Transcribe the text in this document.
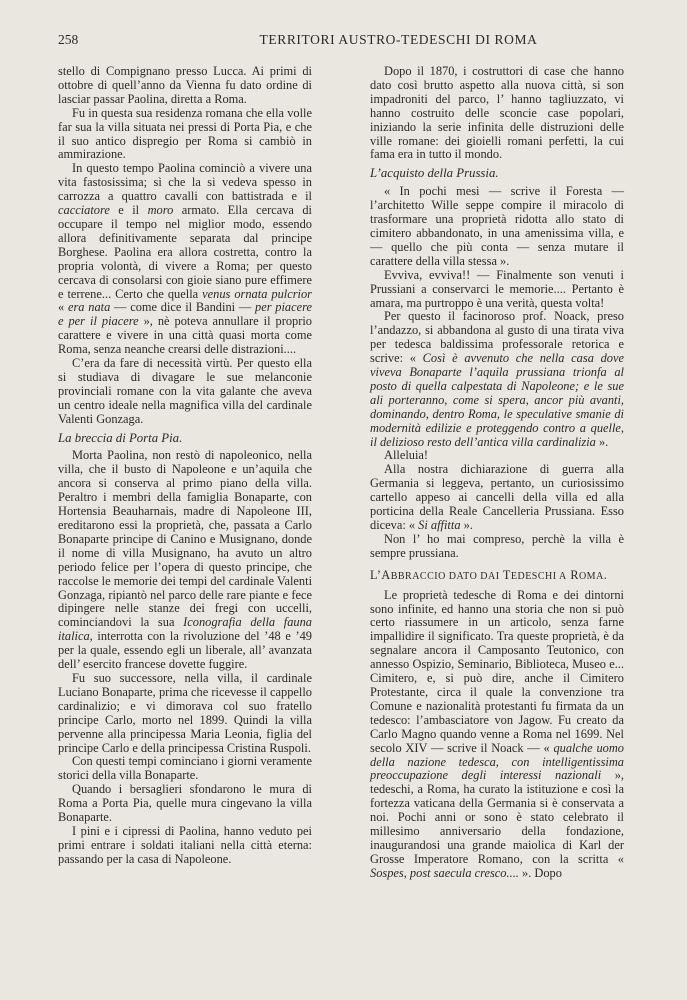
258	TERRITORI AUSTRO-TEDESCHI DI ROMA

stello di Compignano presso Lucca. Ai primi di ottobre di quell’anno da Vienna fu dato ordine di lasciar passar Paolina, diretta a Roma.

Fu in questa sua residenza romana che ella volle far sua la villa situata nei pressi di Porta Pia, e che il suo antico dispregio per Roma si cambiò in ammirazione.

In questo tempo Paolina cominciò a vivere una vita fastosissima; sì che la si vedeva spesso in carrozza a quattro cavalli con battistrada e il cacciatore e il moro armato. Ella cercava di occupare il tempo nel miglior modo, essendo allora definitivamente separata dal principe Borghese. Paolina era allora costretta, contro la propria volontà, di vivere a Roma; per questo cercava di consolarsi con gioie siano pure effimere e terrene... Certo che quella venus ornata pulcrior « era nata — come dice il Bandini — per piacere e per il piacere », nè poteva annullare il proprio carattere e vivere in una città quasi morta come Roma, senza neanche crearsi delle distrazioni....

C’era da fare di necessità virtù. Per questo ella si studiava di divagare le sue melanconie provinciali romane con la vita galante che aveva un centro ideale nella magnifica villa del cardinale Valenti Gonzaga.

La breccia di Porta Pia.

Morta Paolina, non restò di napoleonico, nella villa, che il busto di Napoleone e un’aquila che ancora si conserva al primo piano della villa. Peraltro i membri della famiglia Bonaparte, con Hortensia Beauharnais, madre di Napoleone III, ereditarono essi la proprietà, che, passata a Carlo Bonaparte principe di Canino e Musignano, donde il nome di villa Musignano, ha avuto un altro periodo felice per l’opera di questo principe, che raccolse le memorie dei tempi del cardinale Valenti Gonzaga, ripiantò nel parco delle rare piante e fece dipingere nelle stanze dei fregi con uccelli, cominciandovi la sua Iconografia della fauna italica, interrotta con la rivoluzione del ’48 e ’49 per la quale, essendo egli un liberale, all’ avanzata dell’ esercito francese dovette fuggire.

Fu suo successore, nella villa, il cardinale Luciano Bonaparte, prima che ricevesse il cappello cardinalizio; e vi dimorava col suo fratello principe Carlo, morto nel 1899. Quindi la villa pervenne alla principessa Maria Leonia, figlia del principe Carlo e della principessa Cristina Ruspoli.

Con questi tempi cominciano i giorni veramente storici della villa Bonaparte.

Quando i bersaglieri sfondarono le mura di Roma a Porta Pia, quelle mura cingevano la villa Bonaparte.

I pini e i cipressi di Paolina, hanno veduto pei primi entrare i soldati italiani nella città eterna: passando per la casa di Napoleone.

Dopo il 1870, i costruttori di case che hanno dato così brutto aspetto alla nuova città, si son impadroniti del parco, l’ hanno tagliuzzato, vi hanno costruito delle sconcie case popolari, iniziando la serie infinita delle distruzioni delle ville romane: dei gioielli romani perfetti, la cui fama era in tutto il mondo.

L’acquisto della Prussia.

« In pochi mesi — scrive il Foresta — l’architetto Wille seppe compire il miracolo di trasformare una proprietà ridotta allo stato di cimitero abbandonato, in una amenissima villa, e — quello che più conta — senza mutare il carattere della villa stessa ».

Evviva, evviva!! — Finalmente son venuti i Prussiani a conservarci le memorie.... Pertanto è amara, ma purtroppo è una verità, questa volta!

Per questo il facinoroso prof. Noack, preso l’andazzo, si abbandona al gusto di una tirata viva per tedesca baldissima professorale retorica e scrive: « Così è avvenuto che nella casa dove viveva Bonaparte l’aquila prussiana trionfa al posto di quella calpestata di Napoleone; e le sue ali porteranno, come si spera, ancor più avanti, dominando, dentro Roma, le speculative smanie di modernità edilizie e proteggendo contro a quelle, il delizioso resto dell’antica villa cardinalizia ».

Alleluia!

Alla nostra dichiarazione di guerra alla Germania si leggeva, pertanto, un curiosissimo cartello appeso ai cancelli della villa ed alla porticina della Reale Cancelleria Prussiana. Esso diceva: « Si affitta ».

Non l’ ho mai compreso, perchè la villa è sempre prussiana.

L’ABBRACCIO DATO DAI TEDESCHI A ROMA.

Le proprietà tedesche di Roma e dei dintorni sono infinite, ed hanno una storia che non si può certo riassumere in un articolo, senza farne impallidire il significato. Tra queste proprietà, è da segnalare ancora il Camposanto Teutonico, con annesso Ospizio, Seminario, Biblioteca, Museo e... Cimitero, e, si può dire, anche il Cimitero Protestante, circa il quale la convenzione tra Comune e nazionalità protestanti fu firmata da un tedesco: l’ambasciatore von Jagow. Fu creato da Carlo Magno quando venne a Roma nel 1699. Nel secolo XIV — scrive il Noack — « qualche uomo della nazione tedesca, con intelligentissima preoccupazione degli interessi nazionali », tedeschi, a Roma, ha curato la istituzione e così la fortezza vaticana della Germania si è conservata a noi. Pochi anni or sono è stato celebrato il millesimo anniversario della fondazione, inaugurandosi una grande maiolica di Karl der Grosse Imperatore Romano, con la scritta « Sospes, post saecula cresco.... ». Dopo
